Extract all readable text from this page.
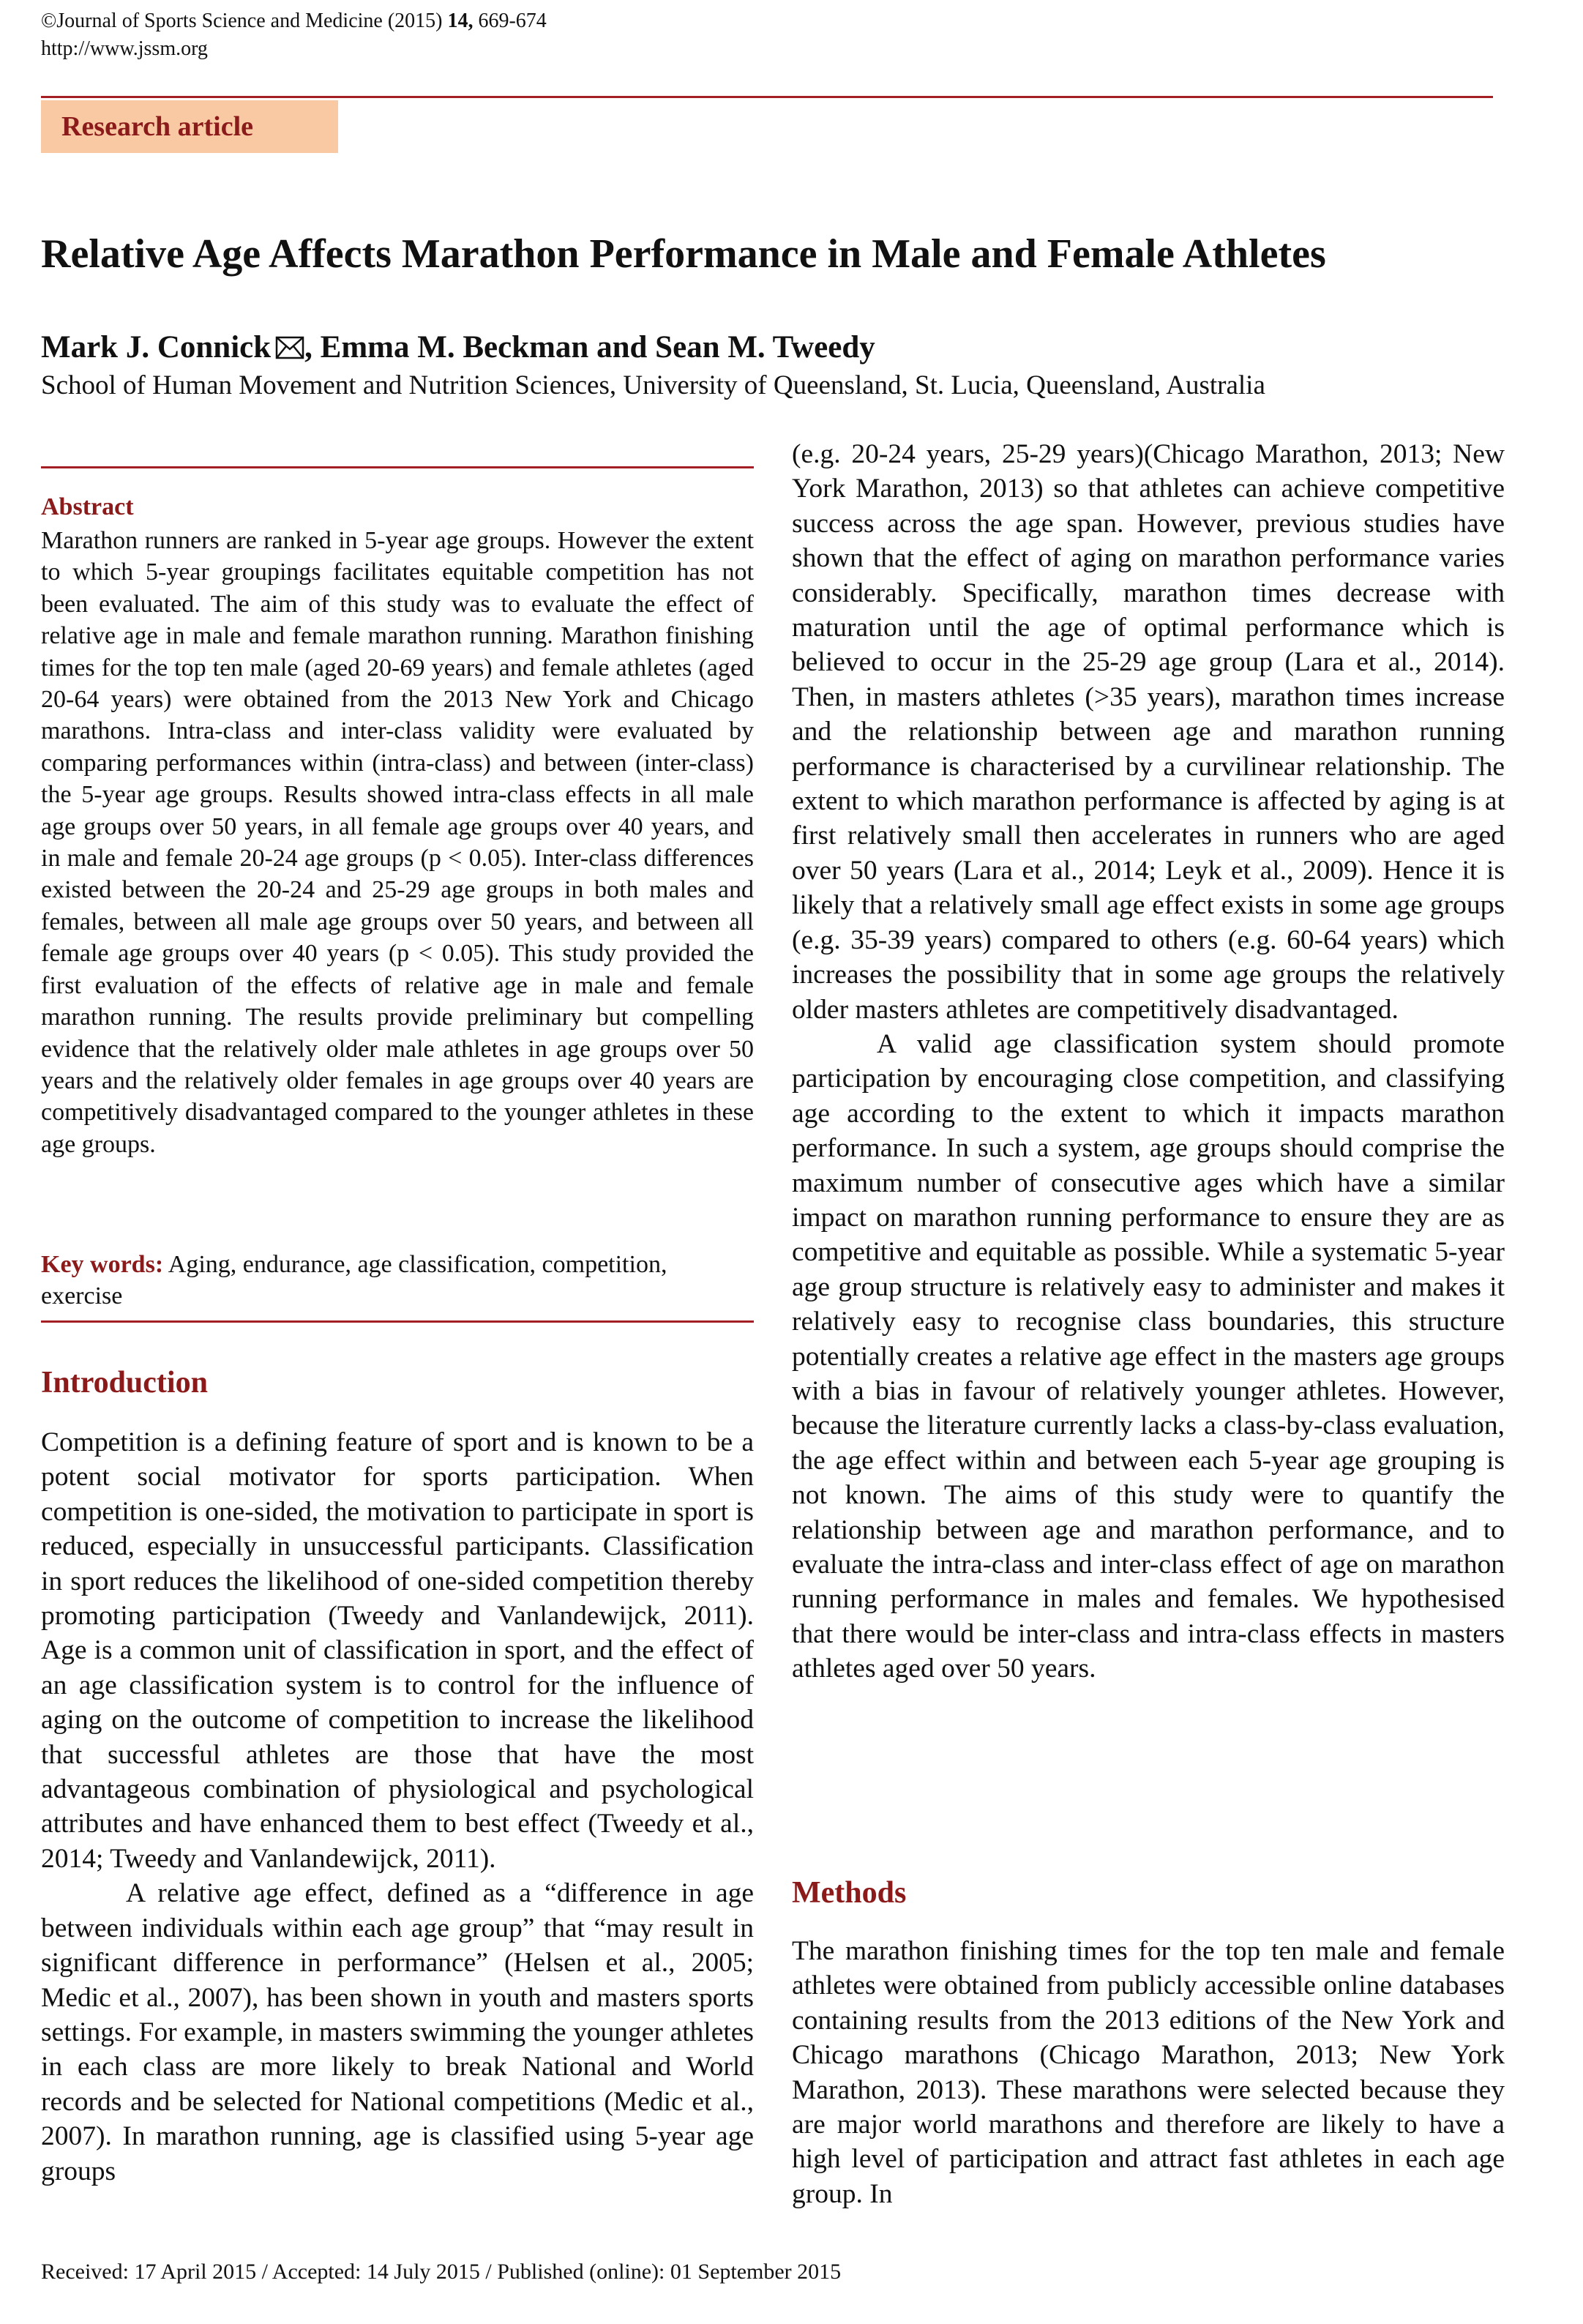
©Journal of Sports Science and Medicine (2015) 14, 669-674
http://www.jssm.org
Research article
Relative Age Affects Marathon Performance in Male and Female Athletes
Mark J. Connick , Emma M. Beckman and Sean M. Tweedy
School of Human Movement and Nutrition Sciences, University of Queensland, St. Lucia, Queensland, Australia
Abstract
Marathon runners are ranked in 5-year age groups. However the extent to which 5-year groupings facilitates equitable competition has not been evaluated. The aim of this study was to evaluate the effect of relative age in male and female marathon running. Marathon finishing times for the top ten male (aged 20-69 years) and female athletes (aged 20-64 years) were obtained from the 2013 New York and Chicago marathons. Intra-class and inter-class validity were evaluated by comparing performances within (intra-class) and between (inter-class) the 5-year age groups. Results showed intra-class effects in all male age groups over 50 years, in all female age groups over 40 years, and in male and female 20-24 age groups (p < 0.05). Inter-class differences existed between the 20-24 and 25-29 age groups in both males and females, between all male age groups over 50 years, and between all female age groups over 40 years (p < 0.05). This study provided the first evaluation of the effects of relative age in male and female marathon running. The results provide preliminary but compelling evidence that the relatively older male athletes in age groups over 50 years and the relatively older females in age groups over 40 years are competitively disadvantaged compared to the younger athletes in these age groups.
Key words: Aging, endurance, age classification, competition, exercise
Introduction

Competition is a defining feature of sport and is known to be a potent social motivator for sports participation. When competition is one-sided, the motivation to participate in sport is reduced, especially in unsuccessful participants. Classification in sport reduces the likelihood of one-sided competition thereby promoting participation (Tweedy and Vanlandewijck, 2011). Age is a common unit of classification in sport, and the effect of an age classification system is to control for the influence of aging on the outcome of competition to increase the likelihood that successful athletes are those that have the most advantageous combination of physiological and psychological attributes and have enhanced them to best effect (Tweedy et al., 2014; Tweedy and Vanlandewijck, 2011).

A relative age effect, defined as a “difference in age between individuals within each age group” that “may result in significant difference in performance” (Helsen et al., 2005; Medic et al., 2007), has been shown in youth and masters sports settings. For example, in masters swimming the younger athletes in each class are more likely to break National and World records and be selected for National competitions (Medic et al., 2007). In marathon running, age is classified using 5-year age groups

(e.g. 20-24 years, 25-29 years)(Chicago Marathon, 2013; New York Marathon, 2013) so that athletes can achieve competitive success across the age span. However, previous studies have shown that the effect of aging on marathon performance varies considerably. Specifically, marathon times decrease with maturation until the age of optimal performance which is believed to occur in the 25-29 age group (Lara et al., 2014). Then, in masters athletes (>35 years), marathon times increase and the relationship between age and marathon running performance is characterised by a curvilinear relationship. The extent to which marathon performance is affected by aging is at first relatively small then accelerates in runners who are aged over 50 years (Lara et al., 2014; Leyk et al., 2009). Hence it is likely that a relatively small age effect exists in some age groups (e.g. 35-39 years) compared to others (e.g. 60-64 years) which increases the possibility that in some age groups the relatively older masters athletes are competitively disadvantaged.

A valid age classification system should promote participation by encouraging close competition, and classifying age according to the extent to which it impacts marathon performance. In such a system, age groups should comprise the maximum number of consecutive ages which have a similar impact on marathon running performance to ensure they are as competitive and equitable as possible. While a systematic 5-year age group structure is relatively easy to administer and makes it relatively easy to recognise class boundaries, this structure potentially creates a relative age effect in the masters age groups with a bias in favour of relatively younger athletes. However, because the literature currently lacks a class-by-class evaluation, the age effect within and between each 5-year age grouping is not known. The aims of this study were to quantify the relationship between age and marathon performance, and to evaluate the intra-class and inter-class effect of age on marathon running performance in males and females. We hypothesised that there would be inter-class and intra-class effects in masters athletes aged over 50 years.

Methods

The marathon finishing times for the top ten male and female athletes were obtained from publicly accessible online databases containing results from the 2013 editions of the New York and Chicago marathons (Chicago Marathon, 2013; New York Marathon, 2013). These marathons were selected because they are major world marathons and therefore are likely to have a high level of participation and attract fast athletes in each age group. In

Received: 17 April 2015 / Accepted: 14 July 2015 / Published (online): 01 September 2015
